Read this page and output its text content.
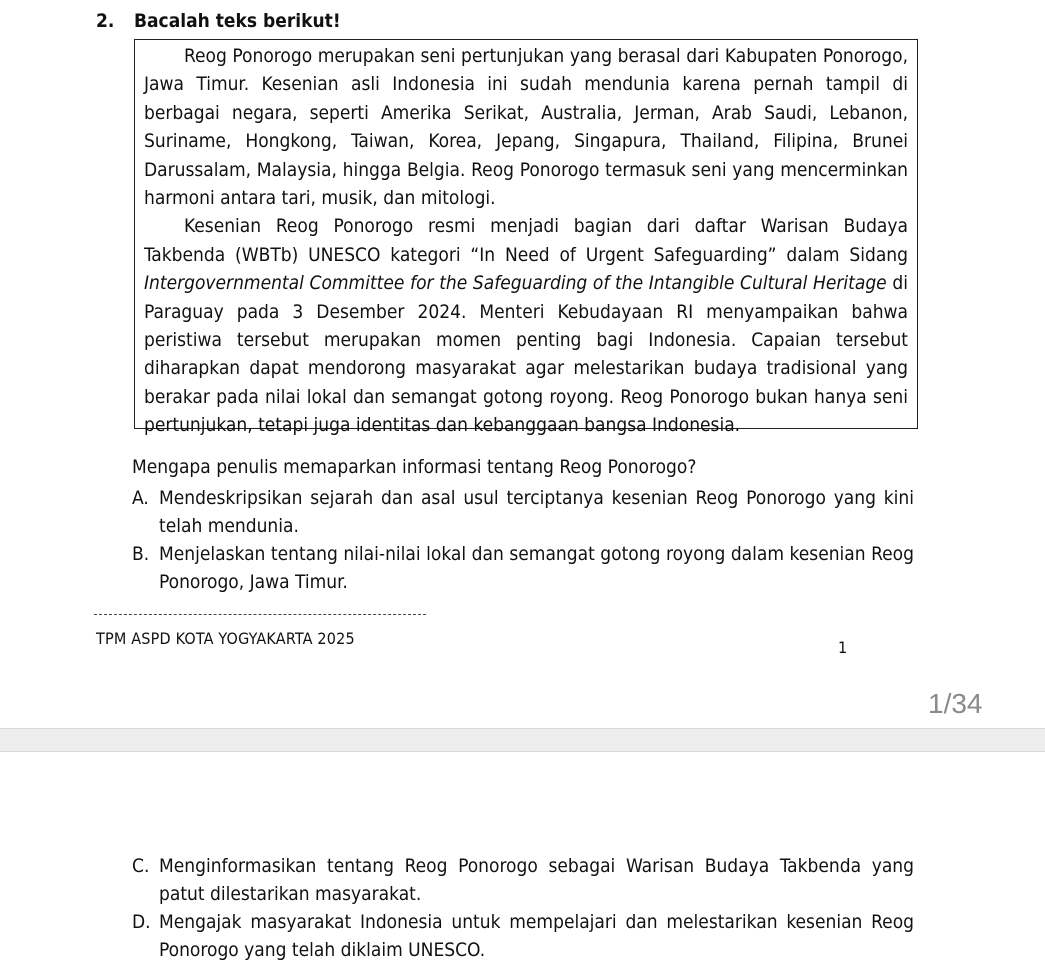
2. Bacalah teks berikut!

Reog Ponorogo merupakan seni pertunjukan yang berasal dari Kabupaten Ponorogo, Jawa Timur. Kesenian asli Indonesia ini sudah mendunia karena pernah tampil di berbagai negara, seperti Amerika Serikat, Australia, Jerman, Arab Saudi, Lebanon, Suriname, Hongkong, Taiwan, Korea, Jepang, Singapura, Thailand, Filipina, Brunei Darussalam, Malaysia, hingga Belgia. Reog Ponorogo termasuk seni yang mencerminkan harmoni antara tari, musik, dan mitologi.

Kesenian Reog Ponorogo resmi menjadi bagian dari daftar Warisan Budaya Takbenda (WBTb) UNESCO kategori “In Need of Urgent Safeguarding” dalam Sidang Intergovernmental Committee for the Safeguarding of the Intangible Cultural Heritage di Paraguay pada 3 Desember 2024. Menteri Kebudayaan RI menyampaikan bahwa peristiwa tersebut merupakan momen penting bagi Indonesia. Capaian tersebut diharapkan dapat mendorong masyarakat agar melestarikan budaya tradisional yang berakar pada nilai lokal dan semangat gotong royong. Reog Ponorogo bukan hanya seni pertunjukan, tetapi juga identitas dan kebanggaan bangsa Indonesia.

Mengapa penulis memaparkan informasi tentang Reog Ponorogo?
A. Mendeskripsikan sejarah dan asal usul terciptanya kesenian Reog Ponorogo yang kini telah mendunia.
B. Menjelaskan tentang nilai-nilai lokal dan semangat gotong royong dalam kesenian Reog Ponorogo, Jawa Timur.
TPM ASPD KOTA YOGYAKARTA 2025	1
1/34
C. Menginformasikan tentang Reog Ponorogo sebagai Warisan Budaya Takbenda yang patut dilestarikan masyarakat.
D. Mengajak masyarakat Indonesia untuk mempelajari dan melestarikan kesenian Reog Ponorogo yang telah diklaim UNESCO.
